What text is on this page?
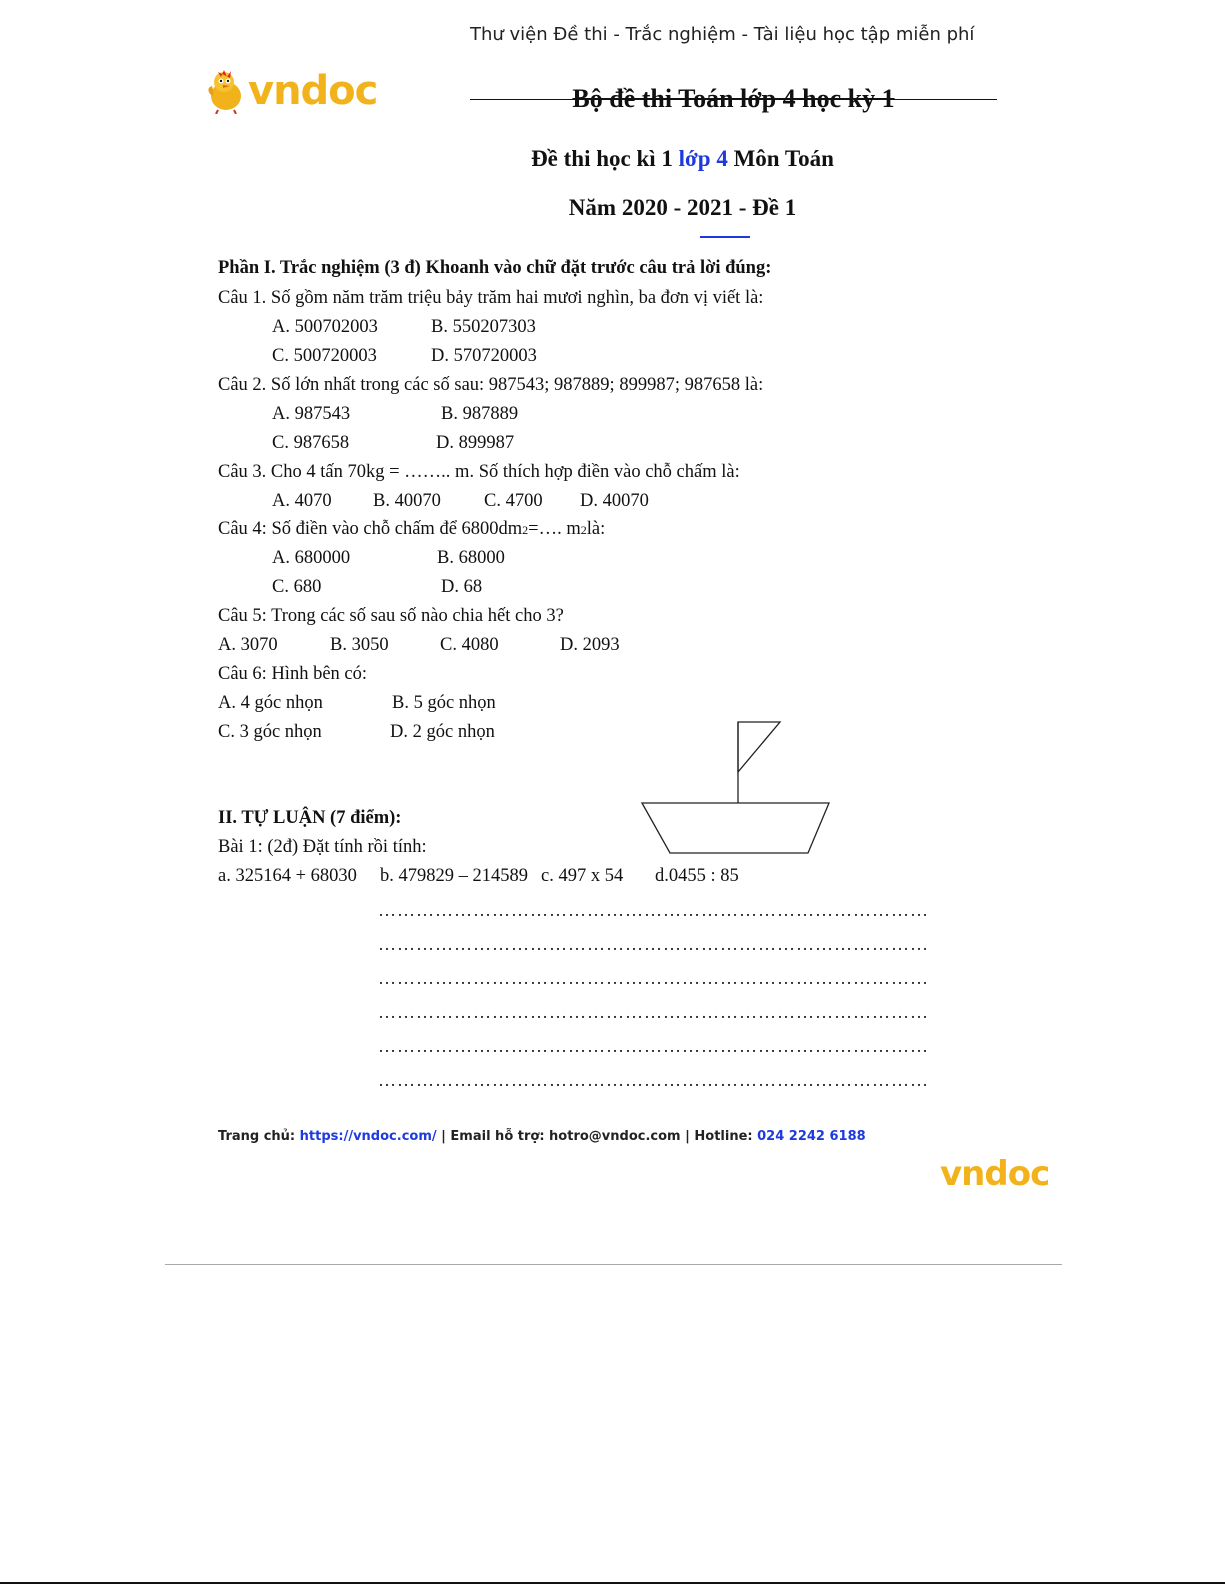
Thư viện Đề thi - Trắc nghiệm - Tài liệu học tập miễn phí
vndoc	Bộ đề thi Toán lớp 4 học kỳ 1
Đề thi học kì 1 lớp 4 Môn Toán
Năm 2020 - 2021 - Đề 1
Phần I. Trắc nghiệm (3 đ) Khoanh vào chữ đặt trước câu trả lời đúng:
Câu 1. Số gồm năm trăm triệu bảy trăm hai mươi nghìn, ba đơn vị viết là:
A. 500702003	B. 550207303
C. 500720003	D. 570720003
Câu 2. Số lớn nhất trong các số sau: 987543; 987889; 899987; 987658 là:
A. 987543	B. 987889
C. 987658	D. 899987
Câu 3. Cho 4 tấn 70kg = …….. m. Số thích hợp điền vào chỗ chấm là:
A. 4070 B. 40070 C. 4700 D. 40070
Câu 4: Số điền vào chỗ chấm để 6800dm2=…. m2là:
A. 680000	B. 68000
C. 680	D. 68
Câu 5: Trong các số sau số nào chia hết cho 3?
A. 3070	B. 3050	C. 4080	D. 2093
Câu 6: Hình bên có:
A. 4 góc nhọn	B. 5 góc nhọn
C. 3 góc nhọn	D. 2 góc nhọn
II. TỰ LUẬN (7 điểm):
Bài 1: (2đ) Đặt tính rồi tính:
a. 325164 + 68030 b. 479829 – 214589 c. 497 x 54 d.0455 : 85
……………………………………………………………………………
……………………………………………………………………………
……………………………………………………………………………
……………………………………………………………………………
……………………………………………………………………………
……………………………………………………………………………
Trang chủ: https://vndoc.com/ | Email hỗ trợ: hotro@vndoc.com | Hotline: 024 2242 6188
vndoc
